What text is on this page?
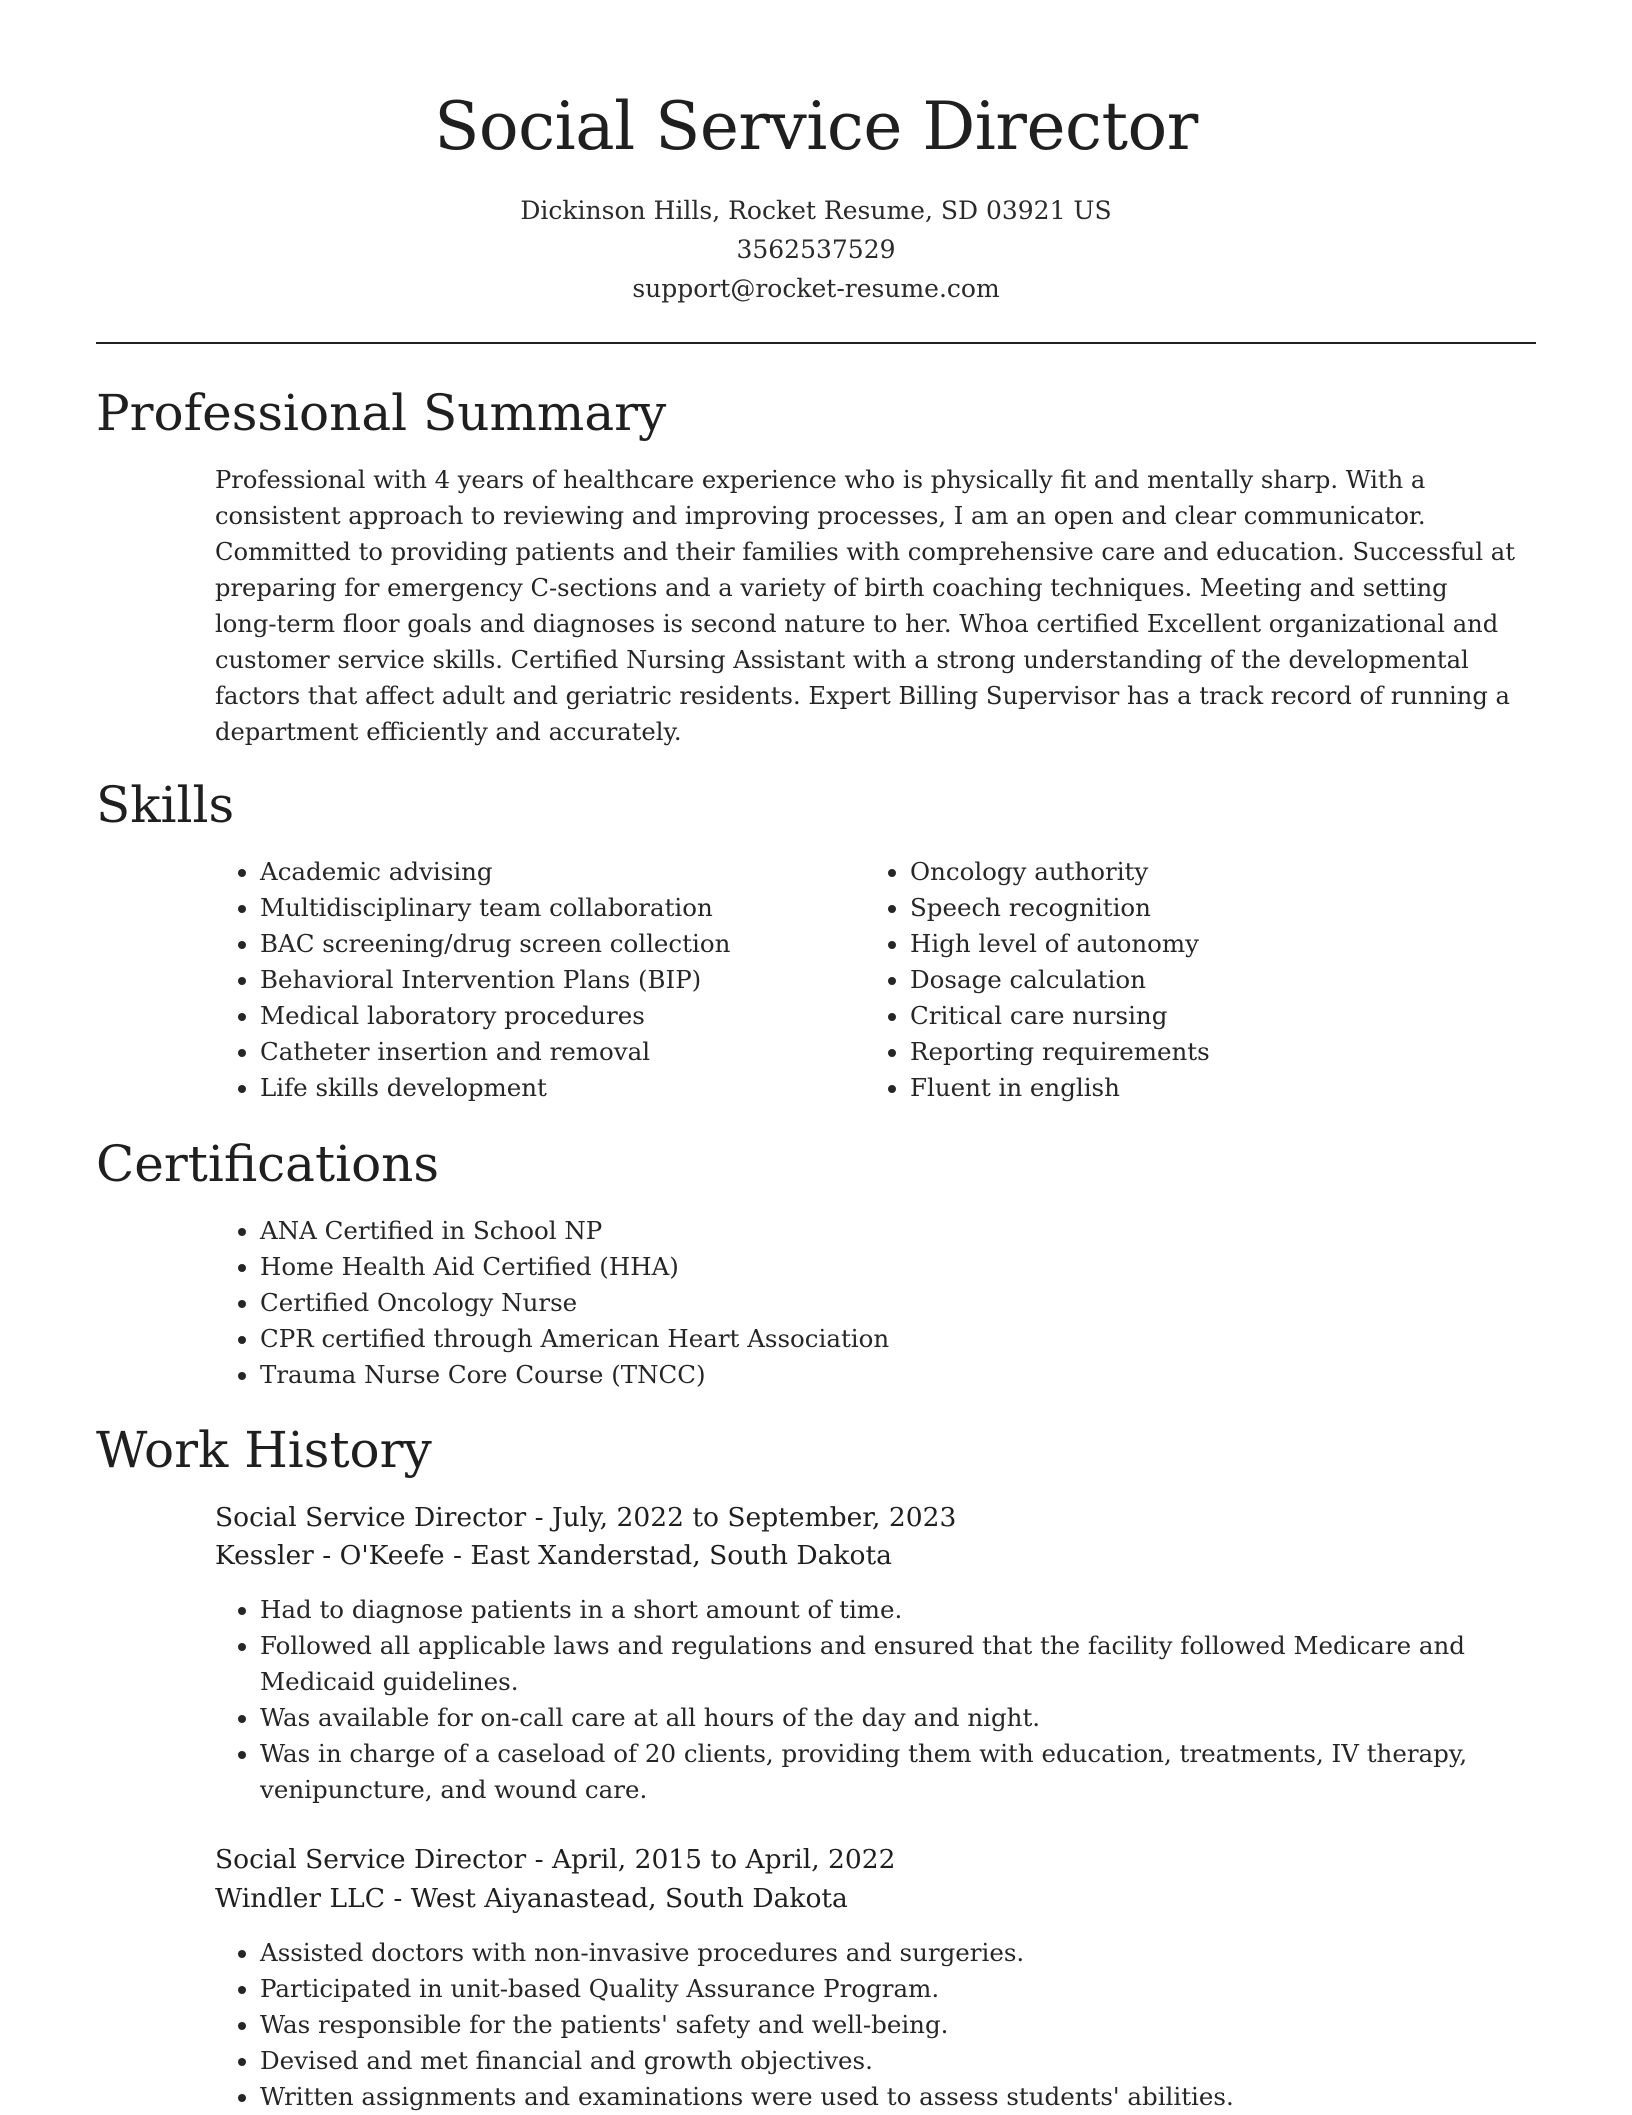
Social Service Director
Dickinson Hills, Rocket Resume, SD 03921 US
3562537529
support@rocket-resume.com
Professional Summary

Professional with 4 years of healthcare experience who is physically fit and mentally sharp. With a consistent approach to reviewing and improving processes, I am an open and clear communicator. Committed to providing patients and their families with comprehensive care and education. Successful at preparing for emergency C-sections and a variety of birth coaching techniques. Meeting and setting long-term floor goals and diagnoses is second nature to her. Whoa certified Excellent organizational and customer service skills. Certified Nursing Assistant with a strong understanding of the developmental factors that affect adult and geriatric residents. Expert Billing Supervisor has a track record of running a department efficiently and accurately.

Skills
• Academic advising
• Multidisciplinary team collaboration
• BAC screening/drug screen collection
• Behavioral Intervention Plans (BIP)
• Medical laboratory procedures
• Catheter insertion and removal
• Life skills development
• Oncology authority
• Speech recognition
• High level of autonomy
• Dosage calculation
• Critical care nursing
• Reporting requirements
• Fluent in english
Certifications
• ANA Certified in School NP
• Home Health Aid Certified (HHA)
• Certified Oncology Nurse
• CPR certified through American Heart Association
• Trauma Nurse Core Course (TNCC)
Work History
Social Service Director - July, 2022 to September, 2023
Kessler - O'Keefe - East Xanderstad, South Dakota
• Had to diagnose patients in a short amount of time.
• Followed all applicable laws and regulations and ensured that the facility followed Medicare and Medicaid guidelines.
• Was available for on-call care at all hours of the day and night.
• Was in charge of a caseload of 20 clients, providing them with education, treatments, IV therapy, venipuncture, and wound care.
Social Service Director - April, 2015 to April, 2022
Windler LLC - West Aiyanastead, South Dakota
• Assisted doctors with non-invasive procedures and surgeries.
• Participated in unit-based Quality Assurance Program.
• Was responsible for the patients' safety and well-being.
• Devised and met financial and growth objectives.
• Written assignments and examinations were used to assess students' abilities.
